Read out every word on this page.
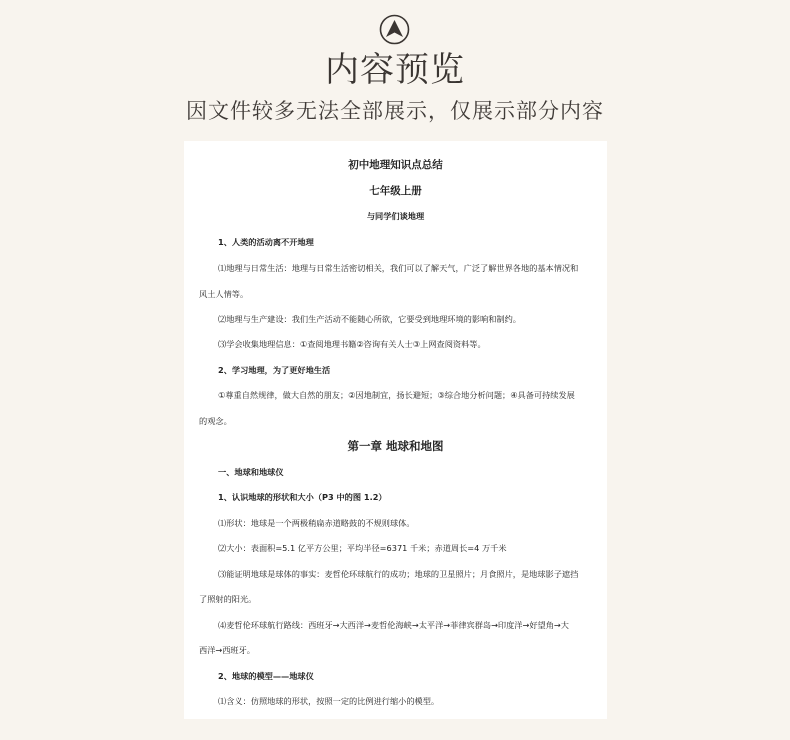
内容预览
因文件较多无法全部展示，仅展示部分内容
初中地理知识点总结
七年级上册
与同学们谈地理
1、人类的活动离不开地理
⑴地理与日常生活：地理与日常生活密切相关，我们可以了解天气，广泛了解世界各地的基本情况和
风土人情等。
⑵地理与生产建设：我们生产活动不能随心所欲，它要受到地理环境的影响和制约。
⑶学会收集地理信息：①查阅地理书籍②咨询有关人士③上网查阅资料等。
2、学习地理，为了更好地生活
①尊重自然规律，做大自然的朋友；②因地制宜，扬长避短；③综合地分析问题；④具备可持续发展
的观念。
第一章 地球和地图
一、地球和地球仪
1、认识地球的形状和大小（P3 中的图 1.2）
⑴形状：地球是一个两极稍扁赤道略鼓的不规则球体。
⑵大小：表面积=5.1 亿平方公里；平均半径=6371 千米；赤道周长=4 万千米
⑶能证明地球是球体的事实：麦哲伦环球航行的成功；地球的卫星照片；月食照片，是地球影子遮挡
了照射的阳光。
⑷麦哲伦环球航行路线：西班牙→大西洋→麦哲伦海峡→太平洋→菲律宾群岛→印度洋→好望角→大
西洋→西班牙。
2、地球的模型——地球仪
⑴含义：仿照地球的形状，按照一定的比例进行缩小的模型。
